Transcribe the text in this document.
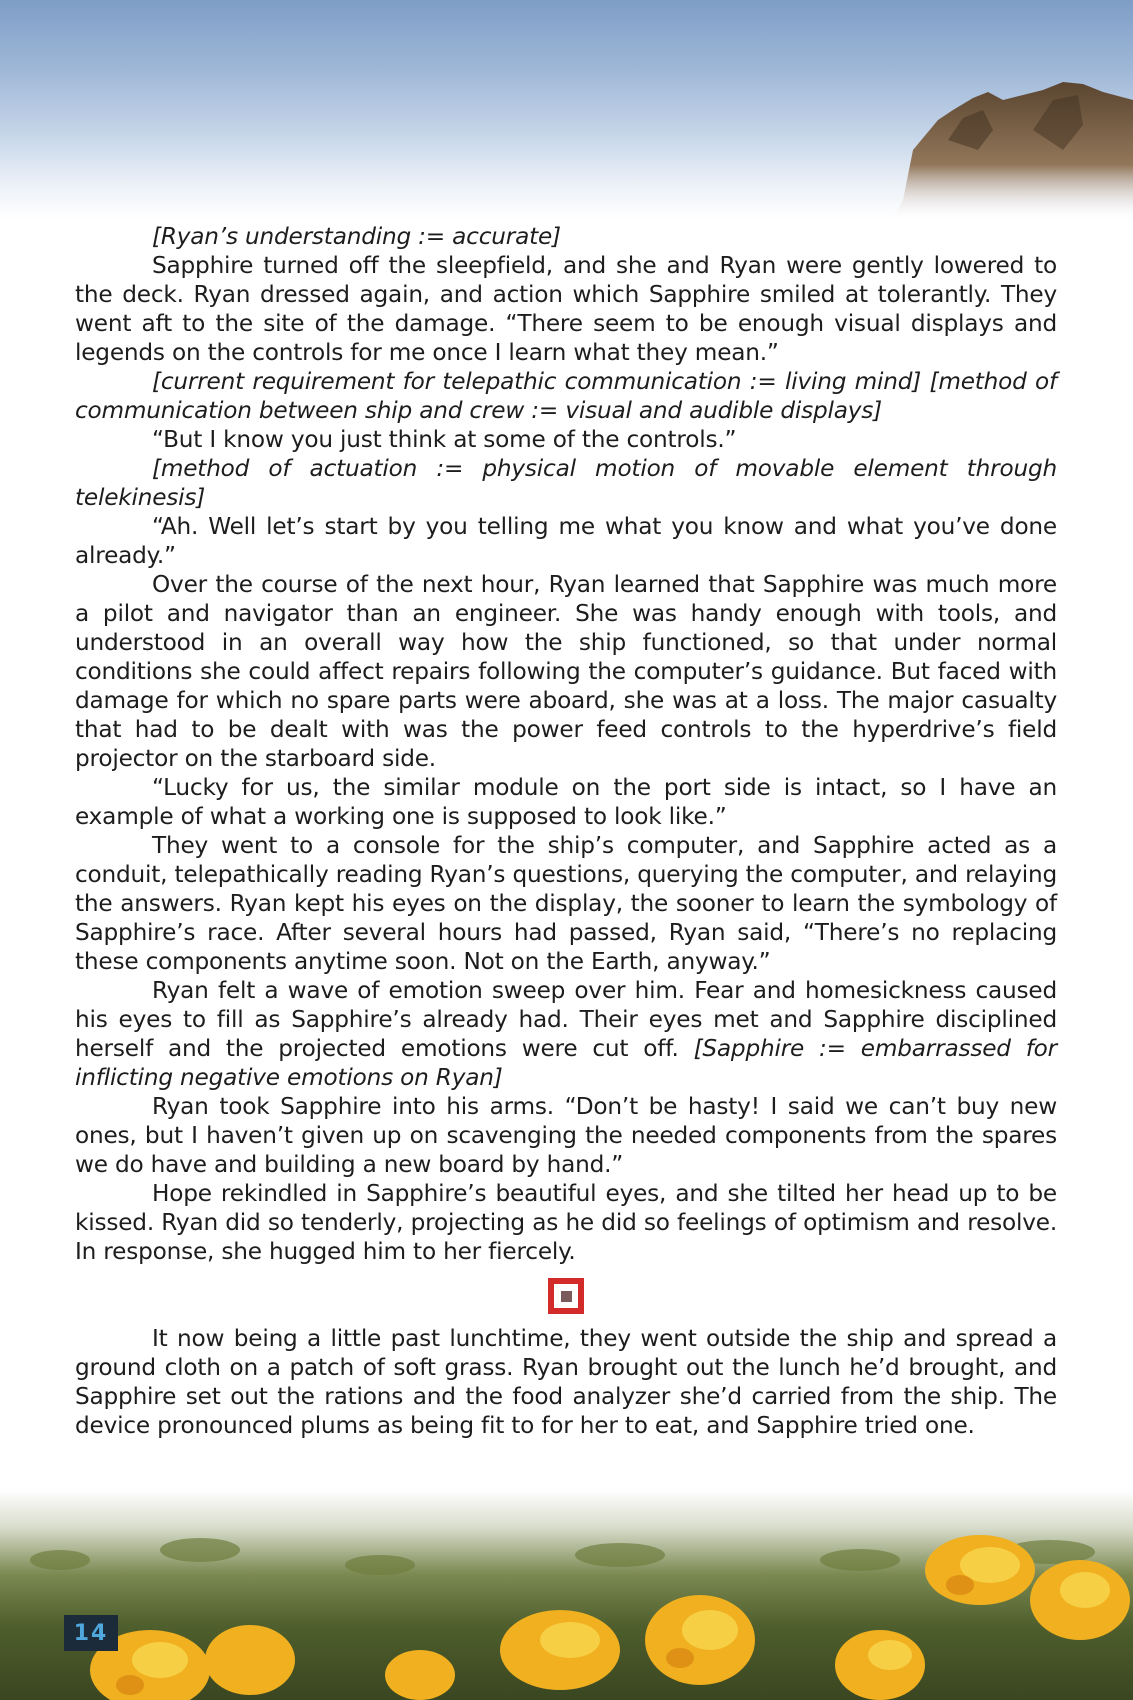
[Ryan’s understanding := accurate]

Sapphire turned off the sleepfield, and she and Ryan were gently lowered to the deck. Ryan dressed again, and action which Sapphire smiled at tolerantly. They went aft to the site of the damage. “There seem to be enough visual displays and legends on the controls for me once I learn what they mean.”

[current requirement for telepathic communication := living mind] [method of communication between ship and crew := visual and audible displays]

“But I know you just think at some of the controls.”

[method of actuation := physical motion of movable element through telekinesis]

“Ah. Well let’s start by you telling me what you know and what you’ve done already.”

Over the course of the next hour, Ryan learned that Sapphire was much more a pilot and navigator than an engineer. She was handy enough with tools, and understood in an overall way how the ship functioned, so that under normal conditions she could affect repairs following the computer’s guidance. But faced with damage for which no spare parts were aboard, she was at a loss. The major casualty that had to be dealt with was the power feed controls to the hyperdrive’s field projector on the starboard side.

“Lucky for us, the similar module on the port side is intact, so I have an example of what a working one is supposed to look like.”

They went to a console for the ship’s computer, and Sapphire acted as a conduit, telepathically reading Ryan’s questions, querying the computer, and relaying the answers. Ryan kept his eyes on the display, the sooner to learn the symbology of Sapphire’s race. After several hours had passed, Ryan said, “There’s no replacing these components anytime soon. Not on the Earth, anyway.”

Ryan felt a wave of emotion sweep over him. Fear and homesickness caused his eyes to fill as Sapphire’s already had. Their eyes met and Sapphire disciplined herself and the projected emotions were cut off. [Sapphire := embarrassed for inflicting negative emotions on Ryan]

Ryan took Sapphire into his arms. “Don’t be hasty! I said we can’t buy new ones, but I haven’t given up on scavenging the needed components from the spares we do have and building a new board by hand.”

Hope rekindled in Sapphire’s beautiful eyes, and she tilted her head up to be kissed. Ryan did so tenderly, projecting as he did so feelings of optimism and resolve. In response, she hugged him to her fiercely.

It now being a little past lunchtime, they went outside the ship and spread a ground cloth on a patch of soft grass. Ryan brought out the lunch he’d brought, and Sapphire set out the rations and the food analyzer she’d carried from the ship. The device pronounced plums as being fit to for her to eat, and Sapphire tried one.

14
